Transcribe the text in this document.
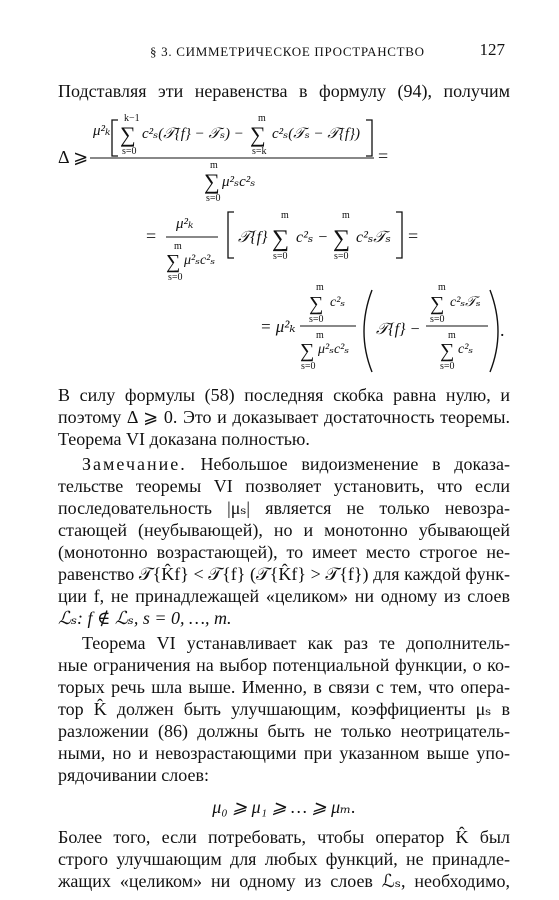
§ 3. СИММЕТРИЧЕСКОЕ ПРОСТРАНСТВО	127
Подставляя эти неравенства в формулу (94), получим
Δ ⩾
μ²ₖ
k−1
∑
s=0
c²ₛ(𝒯{f} − 𝒯ₛ) −
m
∑
s=k
c²ₛ(𝒯ₛ − 𝒯{f})
m
∑
s=0
μ²ₛc²ₛ
=
=
μ²ₖ
m
∑
s=0
μ²ₛc²ₛ
𝒯{f}
m
∑
s=0
c²ₛ −
m
∑
s=0
c²ₛ𝒯ₛ =
= μ²ₖ
m
∑
s=0
c²ₛ
m
∑
s=0
μ²ₛc²ₛ
𝒯{f} −
m
∑
s=0
c²ₛ𝒯ₛ
m
∑
s=0
c²ₛ
.
В силу формулы (58) последняя скобка равна нулю, и
поэтому Δ ⩾ 0. Это и доказывает достаточность теоремы.
Теорема VI доказана полностью.
Замечание. Небольшое видоизменение в доказа-
тельстве теоремы VI позволяет установить, что если
последовательность |μₛ| является не только невозра-
стающей (неубывающей), но и монотонно убывающей
(монотонно возрастающей), то имеет место строгое не-
равенство 𝒯{K̂f} < 𝒯{f} (𝒯{K̂f} > 𝒯{f}) для каждой функ-
ции f, не принадлежащей «целиком» ни одному из слоев
ℒₛ: f ∉ ℒₛ, s = 0, …, m.
Теорема VI устанавливает как раз те дополнитель-
ные ограничения на выбор потенциальной функции, о ко-
торых речь шла выше. Именно, в связи с тем, что опера-
тор K̂ должен быть улучшающим, коэффициенты μₛ в
разложении (86) должны быть не только неотрицатель-
ными, но и невозрастающими при указанном выше упо-
рядочивании слоев:
μ₀ ⩾ μ₁ ⩾ … ⩾ μₘ.
Более того, если потребовать, чтобы оператор K̂ был
строго улучшающим для любых функций, не принадле-
жащих «целиком» ни одному из слоев ℒₛ, необходимо,
